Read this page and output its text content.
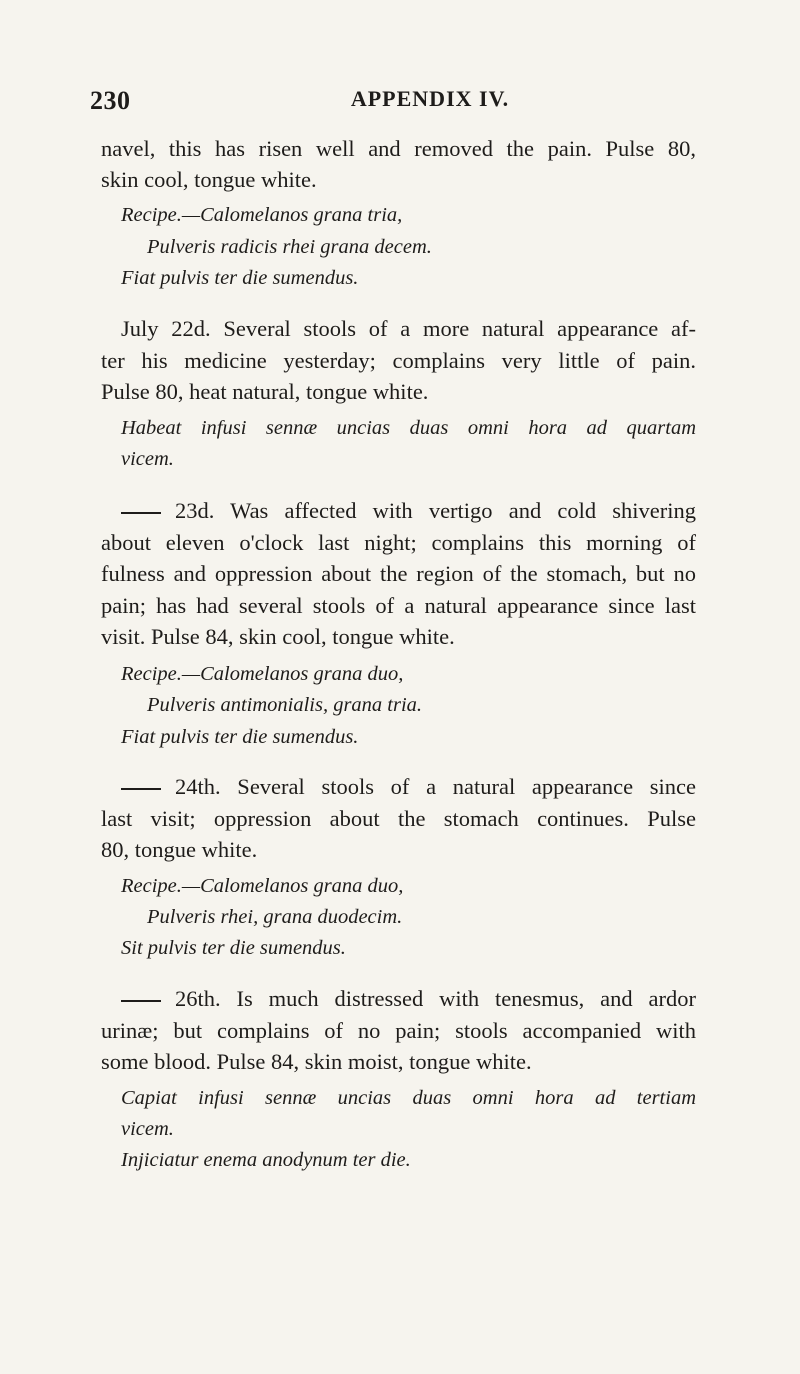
230	APPENDIX IV.
navel, this has risen well and removed the pain. Pulse 80,
skin cool, tongue white.
Recipe.—Calomelanos grana tria,
Pulveris radicis rhei grana decem.
Fiat pulvis ter die sumendus.
July 22d. Several stools of a more natural appearance af-
ter his medicine yesterday; complains very little of pain.
Pulse 80, heat natural, tongue white.
Habeat infusi sennæ uncias duas omni hora ad quartam
vicem.
23d. Was affected with vertigo and cold shivering
about eleven o'clock last night; complains this morning of
fulness and oppression about the region of the stomach, but no
pain; has had several stools of a natural appearance since last
visit. Pulse 84, skin cool, tongue white.
Recipe.—Calomelanos grana duo,
Pulveris antimonialis, grana tria.
Fiat pulvis ter die sumendus.
24th. Several stools of a natural appearance since
last visit; oppression about the stomach continues. Pulse
80, tongue white.
Recipe.—Calomelanos grana duo,
Pulveris rhei, grana duodecim.
Sit pulvis ter die sumendus.
26th. Is much distressed with tenesmus, and ardor
urinæ; but complains of no pain; stools accompanied with
some blood. Pulse 84, skin moist, tongue white.
Capiat infusi sennæ uncias duas omni hora ad tertiam
vicem.
Injiciatur enema anodynum ter die.
